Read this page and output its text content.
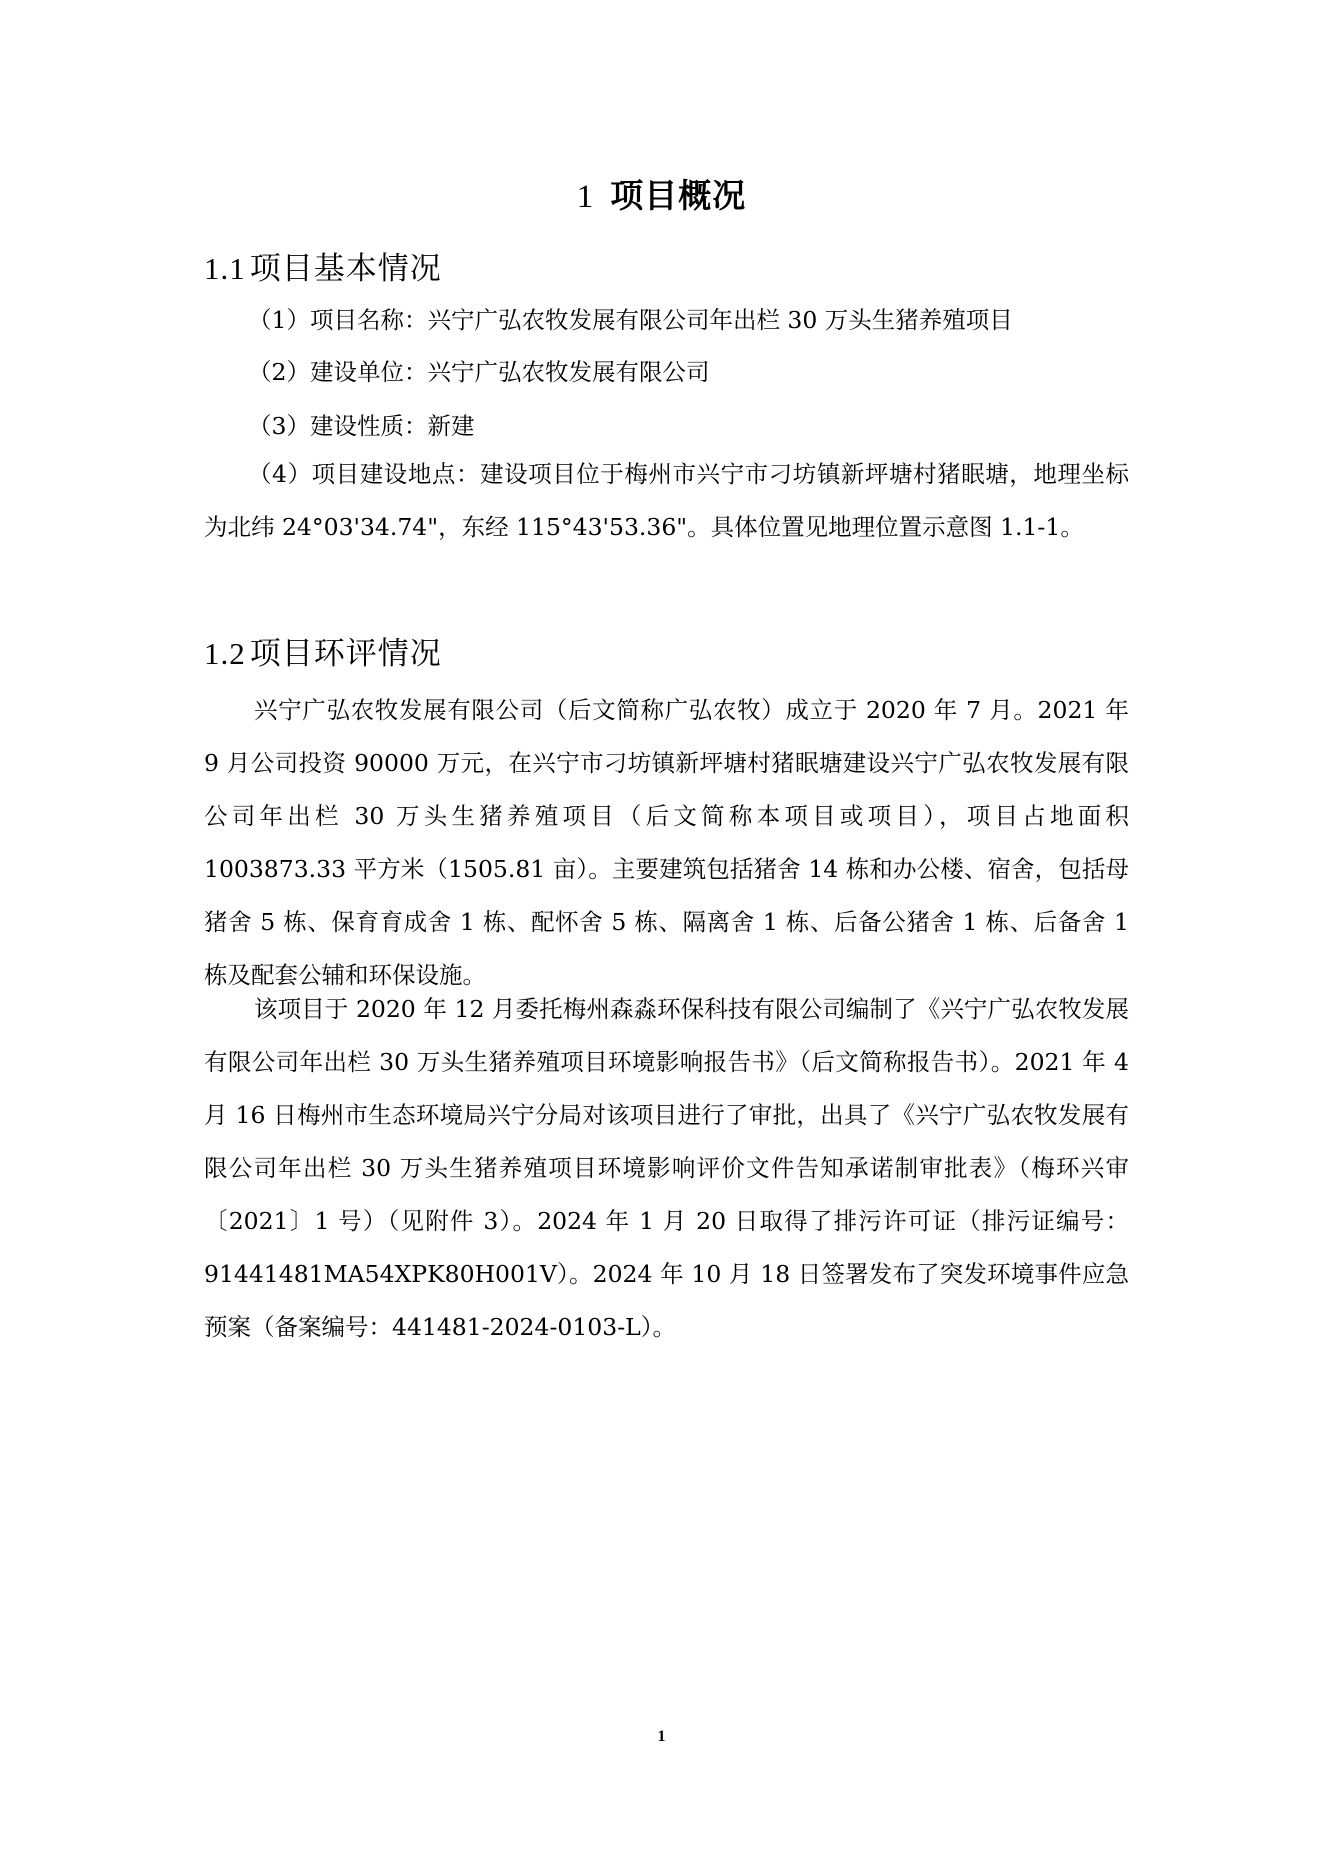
1 项目概况
1.1 项目基本情况

（1）项目名称：兴宁广弘农牧发展有限公司年出栏 30 万头生猪养殖项目

（2）建设单位：兴宁广弘农牧发展有限公司

（3）建设性质：新建

（4）项目建设地点：建设项目位于梅州市兴宁市刁坊镇新坪塘村猪眠塘，地理坐标为北纬 24°03'34.74"，东经 115°43'53.36"。具体位置见地理位置示意图 1.1-1。

1.2 项目环评情况

兴宁广弘农牧发展有限公司（后文简称广弘农牧）成立于 2020 年 7 月。2021 年 9 月公司投资 90000 万元，在兴宁市刁坊镇新坪塘村猪眠塘建设兴宁广弘农牧发展有限公司年出栏 30 万头生猪养殖项目（后文简称本项目或项目），项目占地面积 1003873.33 平方米（1505.81 亩）。主要建筑包括猪舍 14 栋和办公楼、宿舍，包括母猪舍 5 栋、保育育成舍 1 栋、配怀舍 5 栋、隔离舍 1 栋、后备公猪舍 1 栋、后备舍 1 栋及配套公辅和环保设施。

该项目于 2020 年 12 月委托梅州森淼环保科技有限公司编制了《兴宁广弘农牧发展有限公司年出栏 30 万头生猪养殖项目环境影响报告书》（后文简称报告书）。2021 年 4 月 16 日梅州市生态环境局兴宁分局对该项目进行了审批，出具了《兴宁广弘农牧发展有限公司年出栏 30 万头生猪养殖项目环境影响评价文件告知承诺制审批表》（梅环兴审〔2021〕1 号）（见附件 3）。2024 年 1 月 20 日取得了排污许可证（排污证编号：91441481MA54XPK80H001V）。2024 年 10 月 18 日签署发布了突发环境事件应急预案（备案编号：441481-2024-0103-L）。

1
